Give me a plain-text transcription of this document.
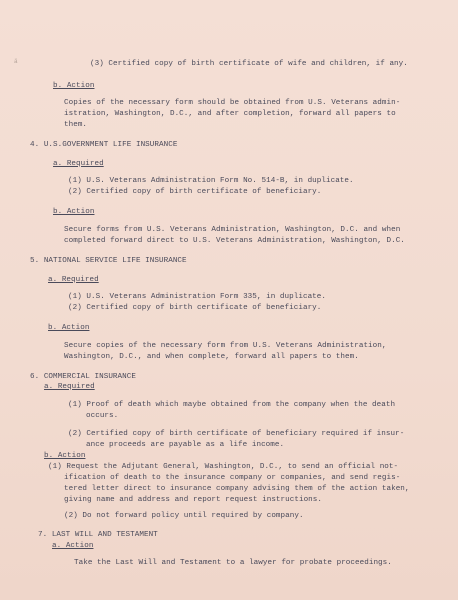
ä	(3) Certified copy of birth certificate of wife and children, if any.
b. Action
Copies of the necessary form should be obtained from U.S. Veterans admin-
istration, Washington, D.C., and after completion, forward all papers to
them.
4. U.S.GOVERNMENT LIFE INSURANCE
a. Required
(1) U.S. Veterans Administration Form No. 514-B, in duplicate.
(2) Certified copy of birth certificate of beneficiary.
b. Action
Secure forms from U.S. Veterans Administration, Washington, D.C. and when
completed forward direct to U.S. Veterans Administration, Washington, D.C.
5. NATIONAL SERVICE LIFE INSURANCE
a. Required
(1) U.S. Veterans Administration Form 335, in duplicate.
(2) Certified copy of birth certificate of beneficiary.
b. Action
Secure copies of the necessary form from U.S. Veterans Administration,
Washington, D.C., and when complete, forward all papers to them.
6. COMMERCIAL INSURANCE
a. Required
(1) Proof of death which maybe obtained from the company when the death
occurs.
(2) Certified copy of birth certificate of beneficiary required if insur-
ance proceeds are payable as a life income.
b. Action
(1) Request the Adjutant General, Washington, D.C., to send an official not-
ification of death to the insurance company or companies, and send regis-
tered letter direct to insurance company advising them of the action taken,
giving name and address and report request instructions.
(2) Do not forward policy until required by company.
7. LAST WILL AND TESTAMENT
a. Action
Take the Last Will and Testament to a lawyer for probate proceedings.
